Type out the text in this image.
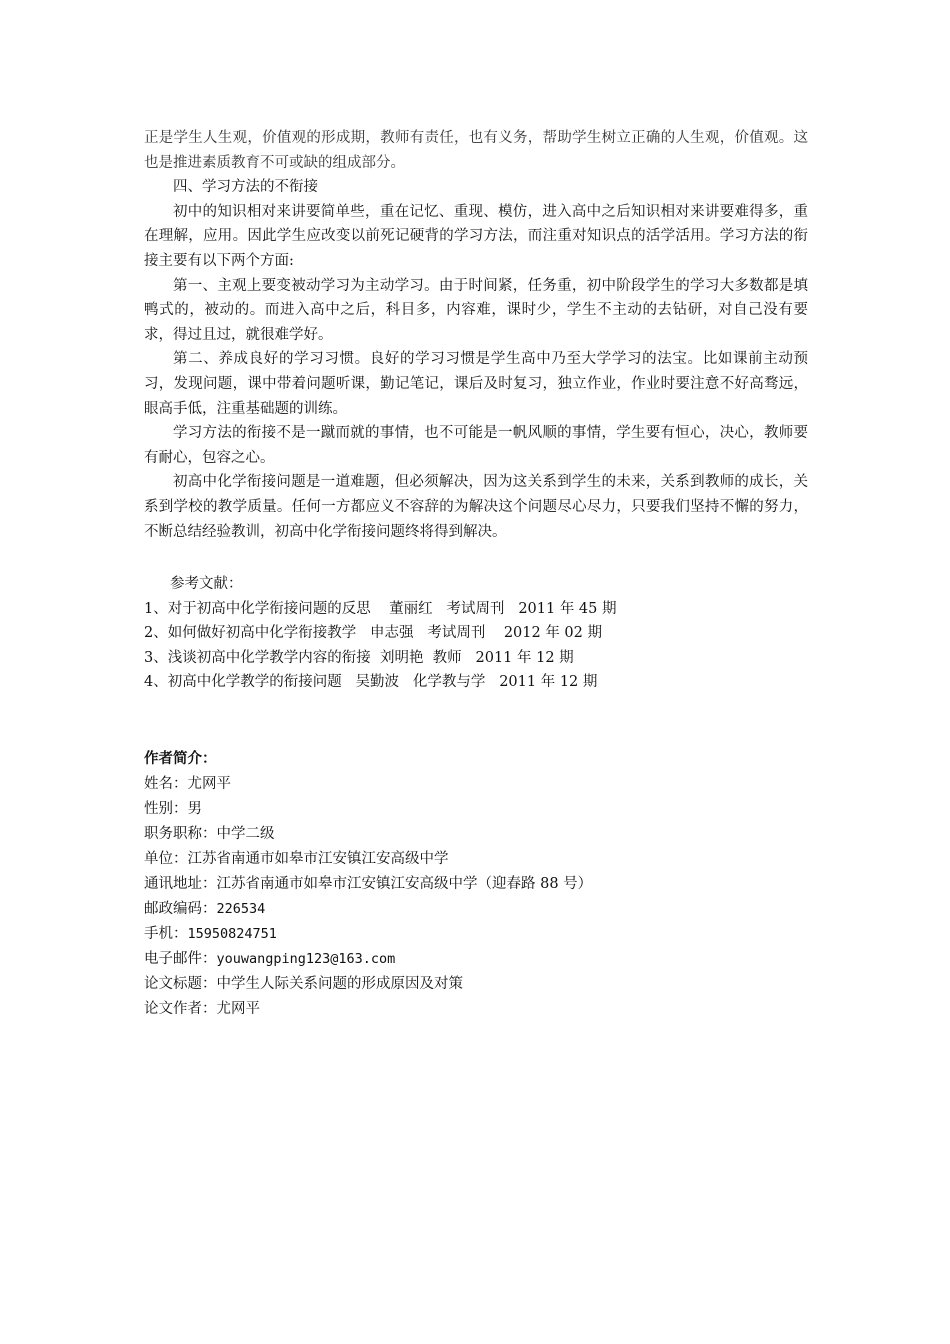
正是学生人生观，价值观的形成期，教师有责任，也有义务，帮助学生树立正确的人生观，价值观。这也是推进素质教育不可或缺的组成部分。

四、学习方法的不衔接

初中的知识相对来讲要简单些，重在记忆、重现、模仿，进入高中之后知识相对来讲要难得多，重在理解，应用。因此学生应改变以前死记硬背的学习方法，而注重对知识点的活学活用。学习方法的衔接主要有以下两个方面:

第一、主观上要变被动学习为主动学习。由于时间紧，任务重，初中阶段学生的学习大多数都是填鸭式的，被动的。而进入高中之后，科目多，内容难，课时少，学生不主动的去钻研，对自己没有要求，得过且过，就很难学好。

第二、养成良好的学习习惯。良好的学习习惯是学生高中乃至大学学习的法宝。比如课前主动预习，发现问题，课中带着问题听课，勤记笔记，课后及时复习，独立作业，作业时要注意不好高骛远，眼高手低，注重基础题的训练。

学习方法的衔接不是一蹴而就的事情，也不可能是一帆风顺的事情，学生要有恒心，决心，教师要有耐心，包容之心。

初高中化学衔接问题是一道难题，但必须解决，因为这关系到学生的未来，关系到教师的成长，关系到学校的教学质量。任何一方都应义不容辞的为解决这个问题尽心尽力，只要我们坚持不懈的努力，不断总结经验教训，初高中化学衔接问题终将得到解决。

参考文献：

1、对于初高中化学衔接问题的反思    董丽红   考试周刊   2011 年 45 期
2、如何做好初高中化学衔接教学   申志强   考试周刊    2012 年 02 期
3、浅谈初高中化学教学内容的衔接  刘明艳  教师   2011 年 12 期
4、初高中化学教学的衔接问题   吴勤波   化学教与学   2011 年 12 期

作者简介：

姓名：尤网平

性别：男

职务职称：中学二级

单位：江苏省南通市如皋市江安镇江安高级中学

通讯地址：江苏省南通市如皋市江安镇江安高级中学（迎春路 88 号）

邮政编码：226534

手机：15950824751

电子邮件：youwangping123@163.com

论文标题：中学生人际关系问题的形成原因及对策

论文作者：尤网平
